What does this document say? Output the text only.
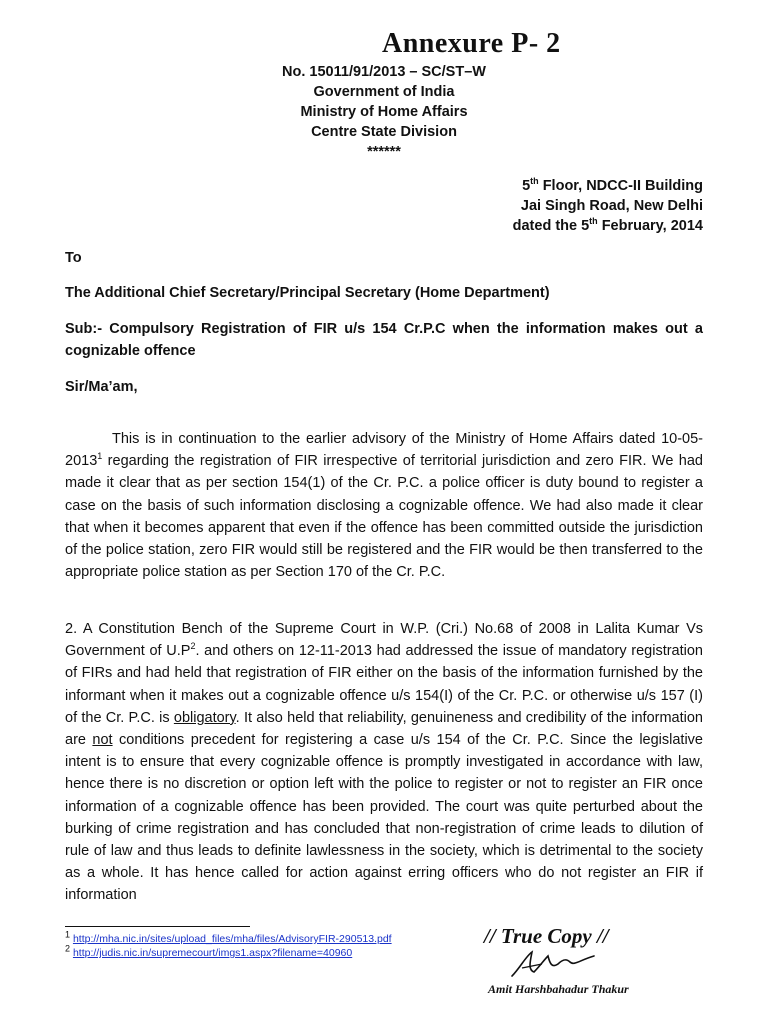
Annexure P- 2
No. 15011/91/2013 – SC/ST–W
Government of India
Ministry of Home Affairs
Centre State Division
******
5th Floor, NDCC-II Building
Jai Singh Road, New Delhi
dated the 5th February, 2014
To
The Additional Chief Secretary/Principal Secretary (Home Department)
Sub:- Compulsory Registration of FIR u/s 154 Cr.P.C when the information makes out a cognizable offence
Sir/Ma’am,
This is in continuation to the earlier advisory of the Ministry of Home Affairs dated 10-05-2013$^1$ regarding the registration of FIR irrespective of territorial jurisdiction and zero FIR. We had made it clear that as per section 154(1) of the Cr. P.C. a police officer is duty bound to register a case on the basis of such information disclosing a cognizable offence. We had also made it clear that when it becomes apparent that even if the offence has been committed outside the jurisdiction of the police station, zero FIR would still be registered and the FIR would be then transferred to the appropriate police station as per Section 170 of the Cr. P.C.
2. A Constitution Bench of the Supreme Court in W.P. (Cri.) No.68 of 2008 in Lalita Kumar Vs Government of $U.P^2$. and others on 12-11-2013 had addressed the issue of mandatory registration of FIRs and had held that registration of FIR either on the basis of the information furnished by the informant when it makes out a cognizable offence u/s 154(I) of the Cr. P.C. or otherwise u/s 157 (I) of the Cr. P.C. is obligatory. It also held that reliability, genuineness and credibility of the information are not conditions precedent for registering a case u/s 154 of the Cr. P.C. Since the legislative intent is to ensure that every cognizable offence is promptly investigated in accordance with law, hence there is no discretion or option left with the police to register or not to register an FIR once information of a cognizable offence has been provided. The court was quite perturbed about the burking of crime registration and has concluded that non-registration of crime leads to dilution of rule of law and thus leads to definite lawlessness in the society, which is detrimental to the society as a whole. It has hence called for action against erring officers who do not register an FIR if information
$^1$ http://mha.nic.in/sites/upload_files/mha/files/AdvisoryFIR-290513.pdf
$^2$ http://judis.nic.in/supremecourt/imgs1.aspx?filename=40960
// True Copy //
Amit Harshbahadur Thakur
